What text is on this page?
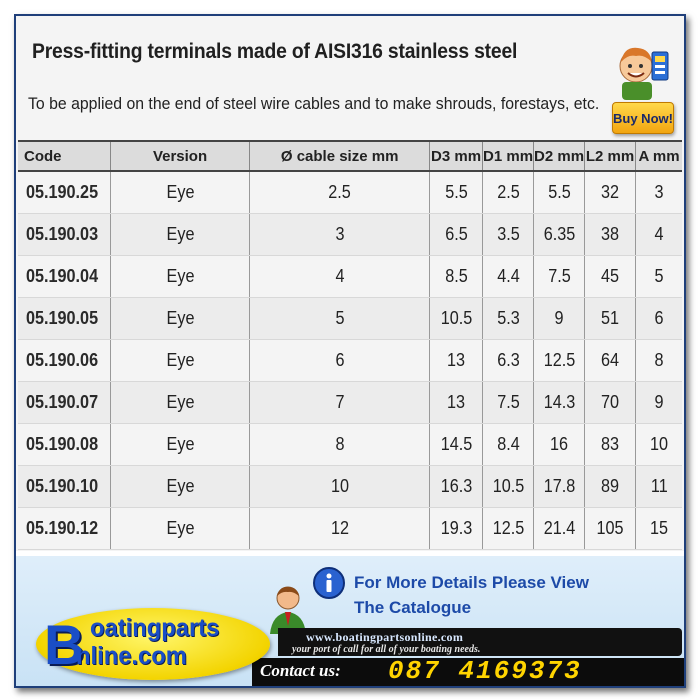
Press-fitting terminals made of AISI316 stainless steel
To be applied on the end of steel wire cables and to make shrouds, forestays, etc.
Buy Now!
Code	Version	Ø cable size mm	D3 mm	D1 mm	D2 mm	L2 mm	A mm
05.190.25	Eye	2.5	5.5	2.5	5.5	32	3
05.190.03	Eye	3	6.5	3.5	6.35	38	4
05.190.04	Eye	4	8.5	4.4	7.5	45	5
05.190.05	Eye	5	10.5	5.3	9	51	6
05.190.06	Eye	6	13	6.3	12.5	64	8
05.190.07	Eye	7	13	7.5	14.3	70	9
05.190.08	Eye	8	14.5	8.4	16	83	10
05.190.10	Eye	10	16.3	10.5	17.8	89	11
05.190.12	Eye	12	19.3	12.5	21.4	105	15
For More Details Please View
The Catalogue
www.boatingpartsonline.com
your port of call for all of your boating needs.
Contact us: 087 4169373
B oatingparts
nline.com
